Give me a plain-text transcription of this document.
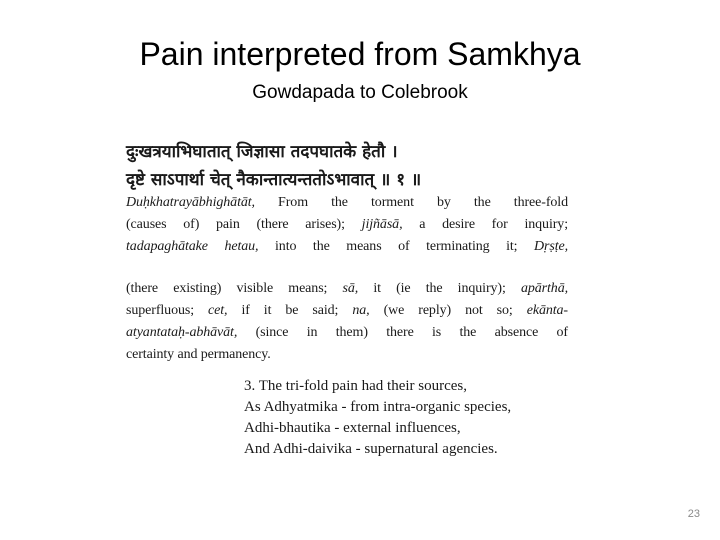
Pain interpreted from Samkhya
Gowdapada to Colebrook

दुःखत्रयाभिघातात् जिज्ञासा तदपघातके हेतौ ।

दृष्टे साऽपार्था चेत् नैकान्तात्यन्ततोऽभावात् ॥ १ ॥

Duḥkhatrayābhighātāt, From the torment by the three-fold

(causes of) pain (there arises); jijñāsā, a desire for inquiry;

tadapaghātake hetau, into the means of terminating it; Dṛṣṭe,

(there existing) visible means; sā, it (ie the inquiry); apārthā,

superfluous; cet, if it be said; na, (we reply) not so; ekānta-

atyantataḥ-abhāvāt, (since in them) there is the absence of

certainty and permanency.

3. The tri-fold pain had their sources,
As Adhyatmika - from intra-organic species,
Adhi-bhautika - external influences,
And Adhi-daivika - supernatural agencies.
23
